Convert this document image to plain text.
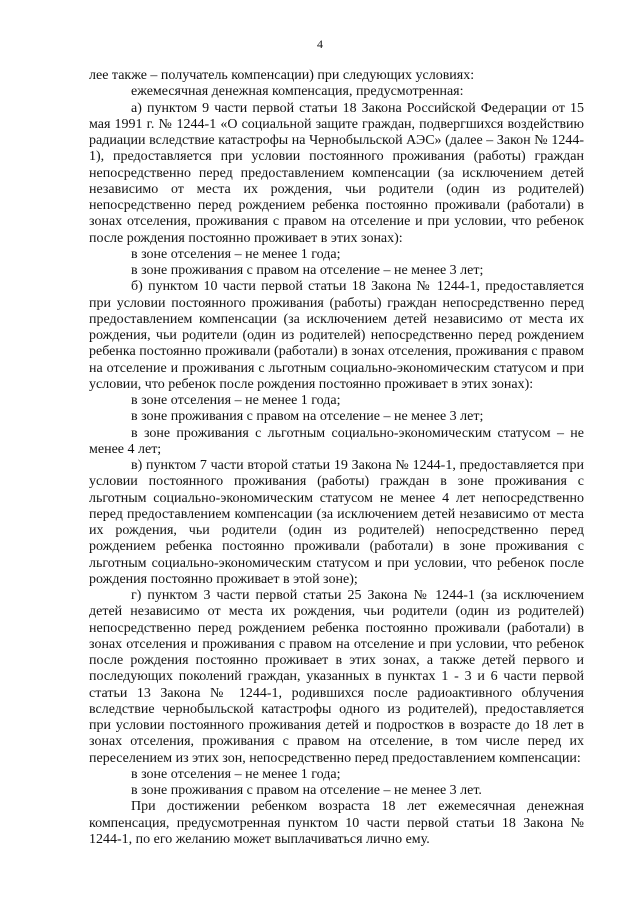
4

лее также – получатель компенсации) при следующих условиях:

ежемесячная денежная компенсация, предусмотренная:

а) пунктом 9 части первой статьи 18 Закона Российской Федерации от 15 мая 1991 г. № 1244-1 «О социальной защите граждан, подвергшихся воздействию радиации вследствие катастрофы на Чернобыльской АЭС» (далее – Закон № 1244-1), предоставляется при условии постоянного проживания (работы) граждан непосредственно перед предоставлением компенсации (за исключением детей независимо от места их рождения, чьи родители (один из родителей) непосредственно перед рождением ребенка постоянно проживали (работали) в зонах отселения, проживания с правом на отселение и при условии, что ребенок после рождения постоянно проживает в этих зонах):

в зоне отселения – не менее 1 года;

в зоне проживания с правом на отселение – не менее 3 лет;

б) пунктом 10 части первой статьи 18 Закона № 1244-1, предоставляется при условии постоянного проживания (работы) граждан непосредственно перед предоставлением компенсации (за исключением детей независимо от места их рождения, чьи родители (один из родителей) непосредственно перед рождением ребенка постоянно проживали (работали) в зонах отселения, проживания с правом на отселение и проживания с льготным социально-экономическим статусом и при условии, что ребенок после рождения постоянно проживает в этих зонах):

в зоне отселения – не менее 1 года;

в зоне проживания с правом на отселение – не менее 3 лет;

в зоне проживания с льготным социально-экономическим статусом – не менее 4 лет;

в) пунктом 7 части второй статьи 19 Закона № 1244-1, предоставляется при условии постоянного проживания (работы) граждан в зоне проживания с льготным социально-экономическим статусом не менее 4 лет непосредственно перед предоставлением компенсации (за исключением детей независимо от места их рождения, чьи родители (один из родителей) непосредственно перед рождением ребенка постоянно проживали (работали) в зоне проживания с льготным социально-экономическим статусом и при условии, что ребенок после рождения постоянно проживает в этой зоне);

г) пунктом 3 части первой статьи 25 Закона № 1244-1 (за исключением детей независимо от места их рождения, чьи родители (один из родителей) непосредственно перед рождением ребенка постоянно проживали (работали) в зонах отселения и проживания с правом на отселение и при условии, что ребенок после рождения постоянно проживает в этих зонах, а также детей первого и последующих поколений граждан, указанных в пунктах 1 - 3 и 6 части первой статьи 13 Закона № 1244-1, родившихся после радиоактивного облучения вследствие чернобыльской катастрофы одного из родителей), предоставляется при условии постоянного проживания детей и подростков в возрасте до 18 лет в зонах отселения, проживания с правом на отселение, в том числе перед их переселением из этих зон, непосредственно перед предоставлением компенсации:

в зоне отселения – не менее 1 года;

в зоне проживания с правом на отселение – не менее 3 лет.

При достижении ребенком возраста 18 лет ежемесячная денежная компенсация, предусмотренная пунктом 10 части первой статьи 18 Закона № 1244-1, по его желанию может выплачиваться лично ему.
